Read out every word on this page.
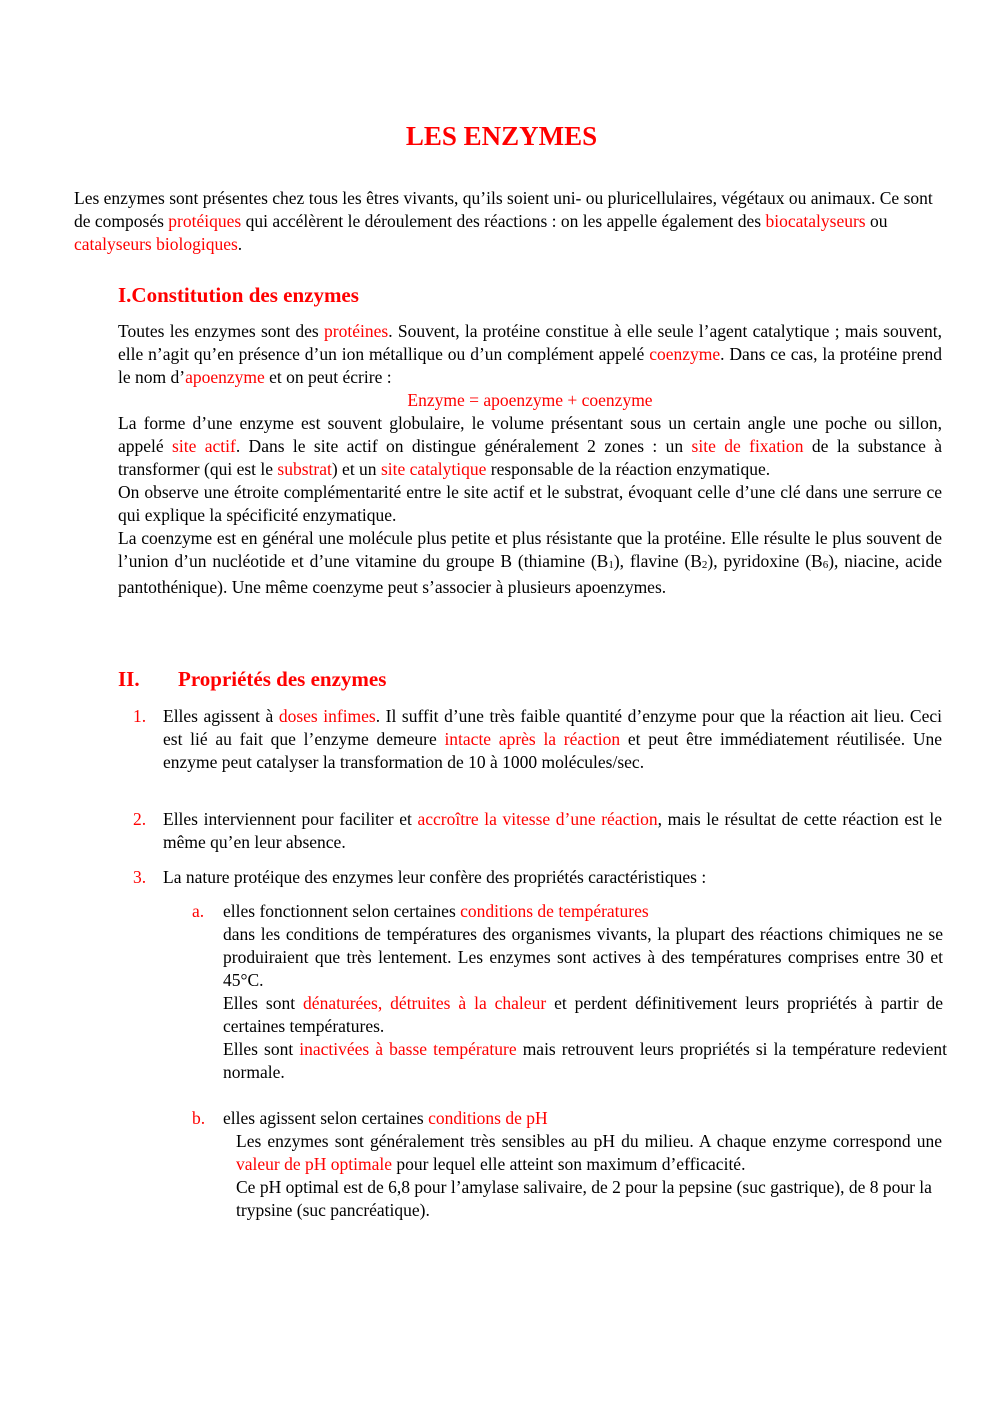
LES ENZYMES
Les enzymes sont présentes chez tous les êtres vivants, qu’ils soient uni- ou pluricellulaires, végétaux ou animaux. Ce sont de composés protéiques qui accélèrent le déroulement des réactions : on les appelle également des biocatalyseurs ou catalyseurs biologiques.
I.Constitution des enzymes
Toutes les enzymes sont des protéines. Souvent, la protéine constitue à elle seule l’agent catalytique ; mais souvent, elle n’agit qu’en présence d’un ion métallique ou d’un complément appelé coenzyme. Dans ce cas, la protéine prend le nom d’apoenzyme et on peut écrire :
Enzyme = apoenzyme + coenzyme
La forme d’une enzyme est souvent globulaire, le volume présentant sous un certain angle une poche ou sillon, appelé site actif. Dans le site actif on distingue généralement 2 zones : un site de fixation de la substance à transformer (qui est le substrat) et un site catalytique responsable de la réaction enzymatique.
On observe une étroite complémentarité entre le site actif et le substrat, évoquant celle d’une clé dans une serrure ce qui explique la spécificité enzymatique.
La coenzyme est en général une molécule plus petite et plus résistante que la protéine. Elle résulte le plus souvent de l’union d’un nucléotide et d’une vitamine du groupe B (thiamine $(B_1)$, flavine $(B_2)$, pyridoxine $(B_6)$, niacine, acide pantothénique). Une même coenzyme peut s’associer à plusieurs apoenzymes.
II. Propriétés des enzymes
1. Elles agissent à doses infimes. Il suffit d’une très faible quantité d’enzyme pour que la réaction ait lieu. Ceci est lié au fait que l’enzyme demeure intacte après la réaction et peut être immédiatement réutilisée. Une enzyme peut catalyser la transformation de 10 à 1000 molécules/sec.
2. Elles interviennent pour faciliter et accroître la vitesse d’une réaction, mais le résultat de cette réaction est le même qu’en leur absence.
3. La nature protéique des enzymes leur confère des propriétés caractéristiques :
a. elles fonctionnent selon certaines conditions de températures
dans les conditions de températures des organismes vivants, la plupart des réactions chimiques ne se produiraient que très lentement. Les enzymes sont actives à des températures comprises entre 30 et 45°C.
Elles sont dénaturées, détruites à la chaleur et perdent définitivement leurs propriétés à partir de certaines températures.
Elles sont inactivées à basse température mais retrouvent leurs propriétés si la température redevient normale.
b. elles agissent selon certaines conditions de pH
Les enzymes sont généralement très sensibles au pH du milieu. A chaque enzyme correspond une valeur de pH optimale pour lequel elle atteint son maximum d’efficacité.
Ce pH optimal est de 6,8 pour l’amylase salivaire, de 2 pour la pepsine (suc gastrique), de 8 pour la trypsine (suc pancréatique).
